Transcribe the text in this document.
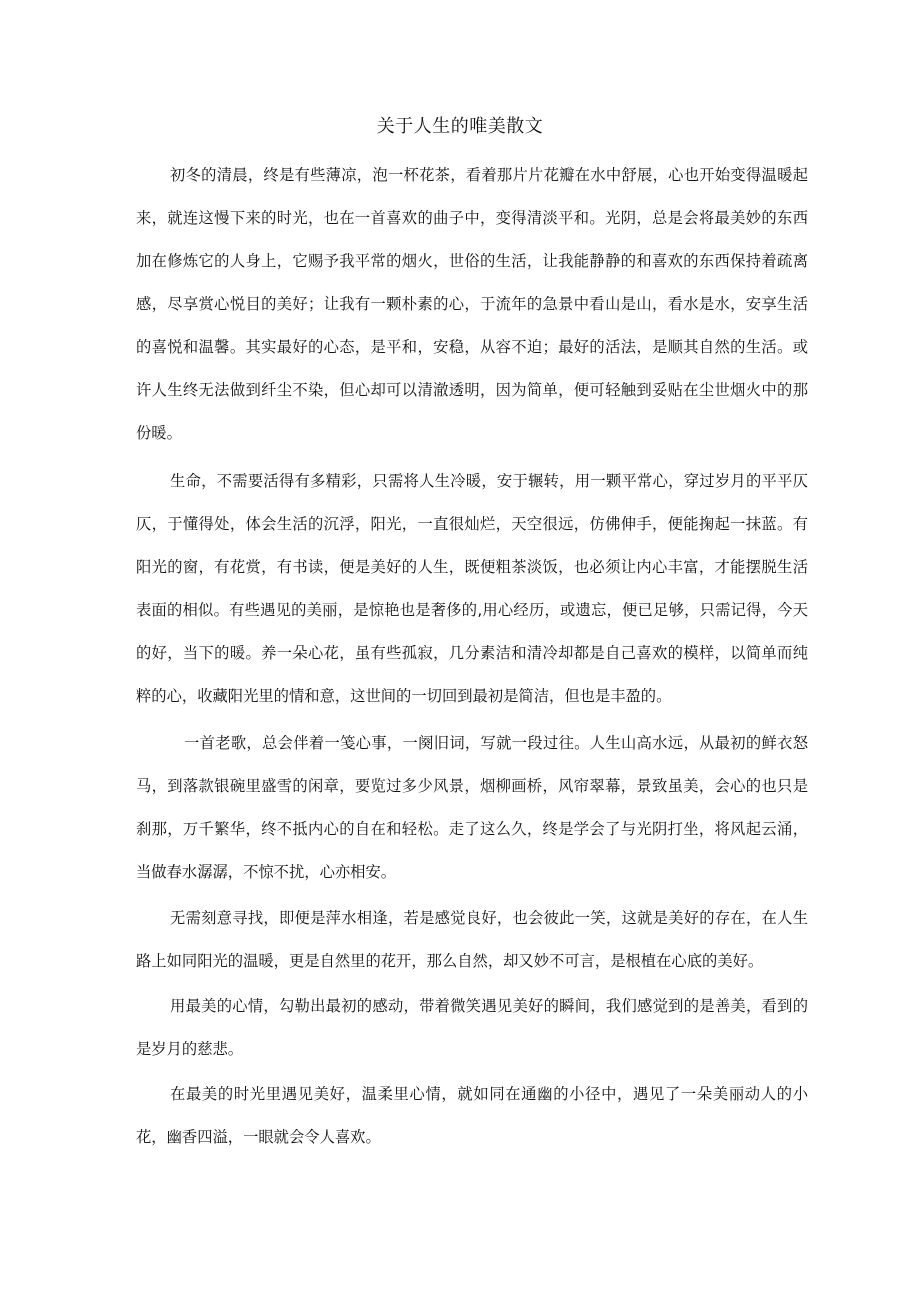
关于人生的唯美散文

初冬的清晨，终是有些薄凉，泡一杯花茶，看着那片片花瓣在水中舒展，心也开始变得温暖起来，就连这慢下来的时光，也在一首喜欢的曲子中，变得清淡平和。光阴，总是会将最美妙的东西加在修炼它的人身上，它赐予我平常的烟火，世俗的生活，让我能静静的和喜欢的东西保持着疏离感，尽享赏心悦目的美好；让我有一颗朴素的心，于流年的急景中看山是山，看水是水，安享生活的喜悦和温馨。其实最好的心态，是平和，安稳，从容不迫；最好的活法，是顺其自然的生活。或许人生终无法做到纤尘不染，但心却可以清澈透明，因为简单，便可轻触到妥贴在尘世烟火中的那份暖。

生命，不需要活得有多精彩，只需将人生冷暖，安于辗转，用一颗平常心，穿过岁月的平平仄仄，于懂得处，体会生活的沉浮，阳光，一直很灿烂，天空很远，仿佛伸手，便能掬起一抹蓝。有阳光的窗，有花赏，有书读，便是美好的人生，既便粗茶淡饭，也必须让内心丰富，才能摆脱生活表面的相似。有些遇见的美丽，是惊艳也是奢侈的,用心经历，或遗忘，便已足够，只需记得，今天的好，当下的暖。养一朵心花，虽有些孤寂，几分素洁和清冷却都是自己喜欢的模样，以简单而纯粹的心，收藏阳光里的情和意，这世间的一切回到最初是简洁，但也是丰盈的。

一首老歌，总会伴着一笺心事，一阕旧词，写就一段过往。人生山高水远，从最初的鲜衣怒马，到落款银碗里盛雪的闲章，要览过多少风景，烟柳画桥，风帘翠幕，景致虽美，会心的也只是刹那，万千繁华，终不抵内心的自在和轻松。走了这么久，终是学会了与光阴打坐，将风起云涌，当做春水潺潺，不惊不扰，心亦相安。

无需刻意寻找，即便是萍水相逢，若是感觉良好，也会彼此一笑，这就是美好的存在，在人生路上如同阳光的温暖，更是自然里的花开，那么自然，却又妙不可言，是根植在心底的美好。

用最美的心情，勾勒出最初的感动，带着微笑遇见美好的瞬间，我们感觉到的是善美，看到的是岁月的慈悲。

在最美的时光里遇见美好，温柔里心情，就如同在通幽的小径中，遇见了一朵美丽动人的小花，幽香四溢，一眼就会令人喜欢。
